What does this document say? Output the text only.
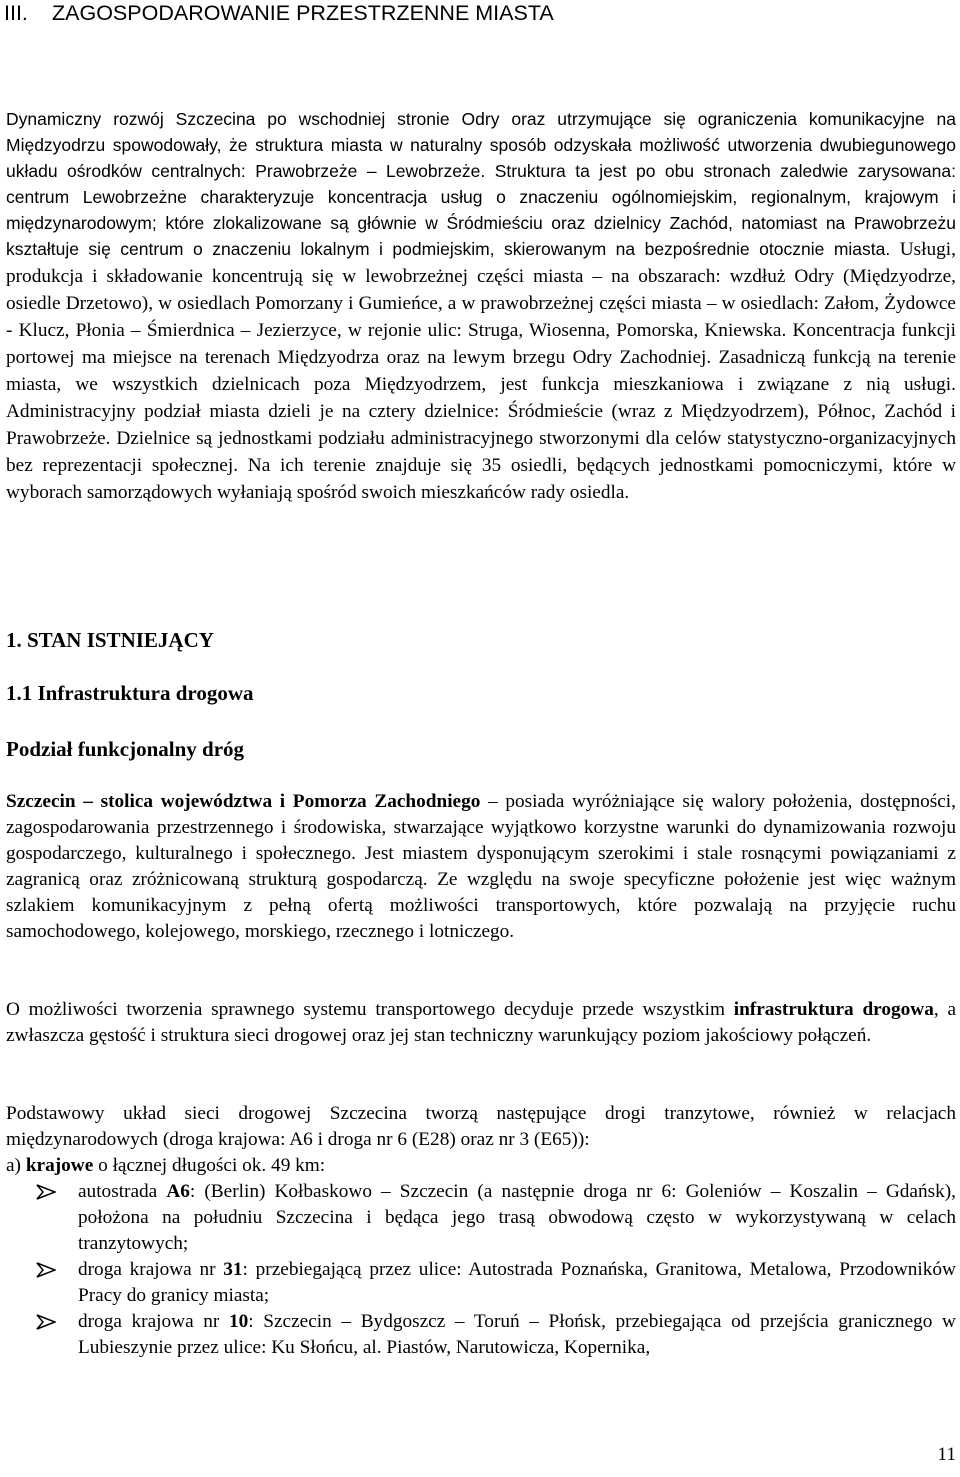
III. ZAGOSPODAROWANIE PRZESTRZENNE MIASTA
Dynamiczny rozwój Szczecina po wschodniej stronie Odry oraz utrzymujące się ograniczenia komunikacyjne na Międzyodrzu spowodowały, że struktura miasta w naturalny sposób odzyskała możliwość utworzenia dwubiegunowego układu ośrodków centralnych: Prawobrzeże – Lewobrzeże. Struktura ta jest po obu stronach zaledwie zarysowana: centrum Lewobrzeżne charakteryzuje koncentracja usług o znaczeniu ogólnomiejskim, regionalnym, krajowym i międzynarodowym; które zlokalizowane są głównie w Śródmieściu oraz dzielnicy Zachód, natomiast na Prawobrzeżu kształtuje się centrum o znaczeniu lokalnym i podmiejskim, skierowanym na bezpośrednie otocznie miasta. Usługi, produkcja i składowanie koncentrują się w lewobrzeżnej części miasta – na obszarach: wzdłuż Odry (Międzyodrze, osiedle Drzetowo), w osiedlach Pomorzany i Gumieńce, a w prawobrzeżnej części miasta – w osiedlach: Załom, Żydowce - Klucz, Płonia – Śmierdnica – Jezierzyce, w rejonie ulic: Struga, Wiosenna, Pomorska, Kniewska. Koncentracja funkcji portowej ma miejsce na terenach Międzyodrza oraz na lewym brzegu Odry Zachodniej. Zasadniczą funkcją na terenie miasta, we wszystkich dzielnicach poza Międzyodrzem, jest funkcja mieszkaniowa i związane z nią usługi. Administracyjny podział miasta dzieli je na cztery dzielnice: Śródmieście (wraz z Międzyodrzem), Północ, Zachód i Prawobrzeże. Dzielnice są jednostkami podziału administracyjnego stworzonymi dla celów statystyczno-organizacyjnych bez reprezentacji społecznej. Na ich terenie znajduje się 35 osiedli, będących jednostkami pomocniczymi, które w wyborach samorządowych wyłaniają spośród swoich mieszkańców rady osiedla.
1. STAN ISTNIEJĄCY
1.1 Infrastruktura drogowa
Podział funkcjonalny dróg
Szczecin – stolica województwa i Pomorza Zachodniego – posiada wyróżniające się walory położenia, dostępności, zagospodarowania przestrzennego i środowiska, stwarzające wyjątkowo korzystne warunki do dynamizowania rozwoju gospodarczego, kulturalnego i społecznego. Jest miastem dysponującym szerokimi i stale rosnącymi powiązaniami z zagranicą oraz zróżnicowaną strukturą gospodarczą. Ze względu na swoje specyficzne położenie jest więc ważnym szlakiem komunikacyjnym z pełną ofertą możliwości transportowych, które pozwalają na przyjęcie ruchu samochodowego, kolejowego, morskiego, rzecznego i lotniczego.
O możliwości tworzenia sprawnego systemu transportowego decyduje przede wszystkim infrastruktura drogowa, a zwłaszcza gęstość i struktura sieci drogowej oraz jej stan techniczny warunkujący poziom jakościowy połączeń.
Podstawowy układ sieci drogowej Szczecina tworzą następujące drogi tranzytowe, również w relacjach międzynarodowych (droga krajowa: A6 i droga nr 6 (E28) oraz nr 3 (E65)):
a) krajowe o łącznej długości ok. 49 km:
autostrada A6: (Berlin) Kołbaskowo – Szczecin (a następnie droga nr 6: Goleniów – Koszalin – Gdańsk), położona na południu Szczecina i będąca jego trasą obwodową często w wykorzystywaną w celach tranzytowych;
droga krajowa nr 31: przebiegającą przez ulice: Autostrada Poznańska, Granitowa, Metalowa, Przodowników Pracy do granicy miasta;
droga krajowa nr 10: Szczecin – Bydgoszcz – Toruń – Płońsk, przebiegająca od przejścia granicznego w Lubieszynie przez ulice: Ku Słońcu, al. Piastów, Narutowicza, Kopernika,
11
